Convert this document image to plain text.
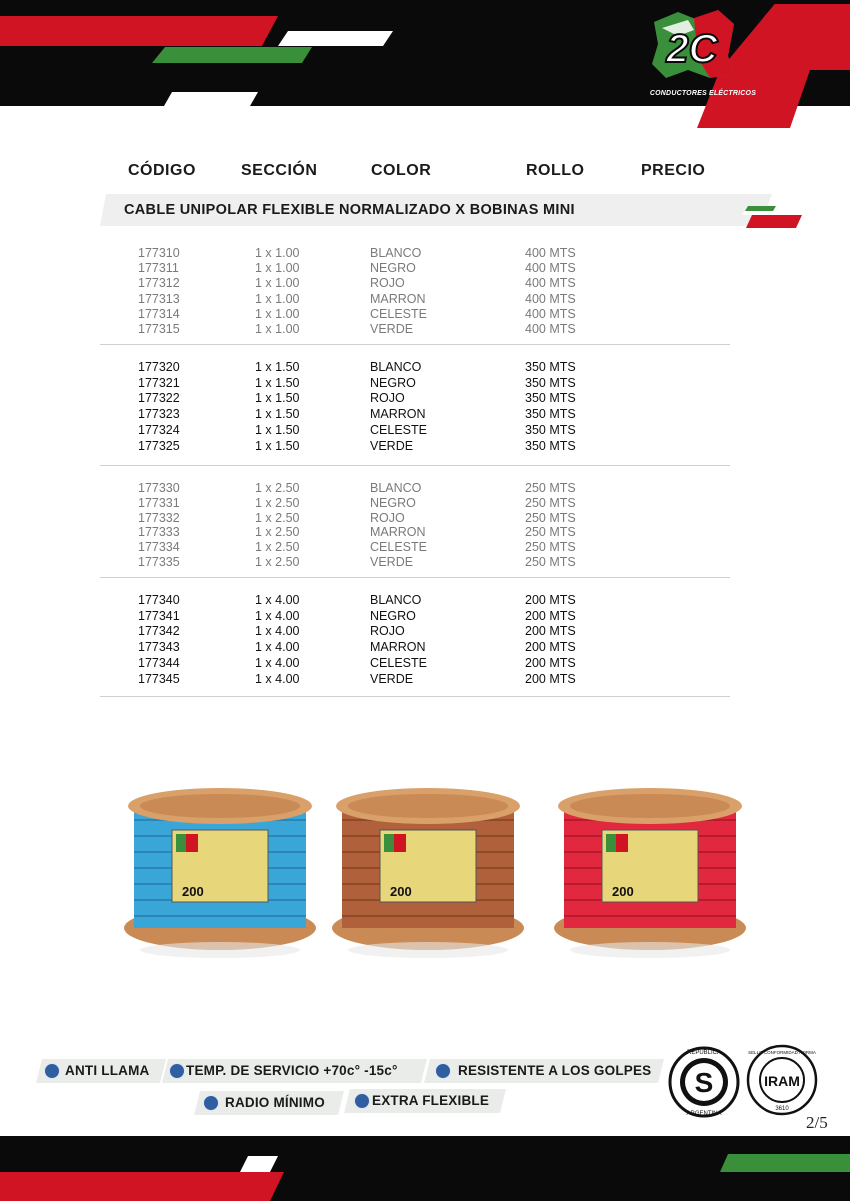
2C
CONDUCTORES ELÉCTRICOS
CÓDIGO	SECCIÓN	COLOR	ROLLO	PRECIO
CABLE UNIPOLAR FLEXIBLE NORMALIZADO X BOBINAS MINI
177310	1 x 1.00	BLANCO	400 MTS
177311	1 x 1.00	NEGRO	400 MTS
177312	1 x 1.00	ROJO	400 MTS
177313	1 x 1.00	MARRON	400 MTS
177314	1 x 1.00	CELESTE	400 MTS
177315	1 x 1.00	VERDE	400 MTS
177320	1 x 1.50	BLANCO	350 MTS
177321	1 x 1.50	NEGRO	350 MTS
177322	1 x 1.50	ROJO	350 MTS
177323	1 x 1.50	MARRON	350 MTS
177324	1 x 1.50	CELESTE	350 MTS
177325	1 x 1.50	VERDE	350 MTS
177330	1 x 2.50	BLANCO	250 MTS
177331	1 x 2.50	NEGRO	250 MTS
177332	1 x 2.50	ROJO	250 MTS
177333	1 x 2.50	MARRON	250 MTS
177334	1 x 2.50	CELESTE	250 MTS
177335	1 x 2.50	VERDE	250 MTS
177340	1 x 4.00	BLANCO	200 MTS
177341	1 x 4.00	NEGRO	200 MTS
177342	1 x 4.00	ROJO	200 MTS
177343	1 x 4.00	MARRON	200 MTS
177344	1 x 4.00	CELESTE	200 MTS
177345	1 x 4.00	VERDE	200 MTS
200	200	200
ANTI LLAMA	TEMP. DE SERVICIO +70c° -15c°	RESISTENTE A LOS GOLPES
RADIO MÍNIMO	EXTRA FLEXIBLE
S
REPÚBLICA
ARGENTINA
IRAM
SELLO CONFORMIDAD NORMA
3610
2/5
